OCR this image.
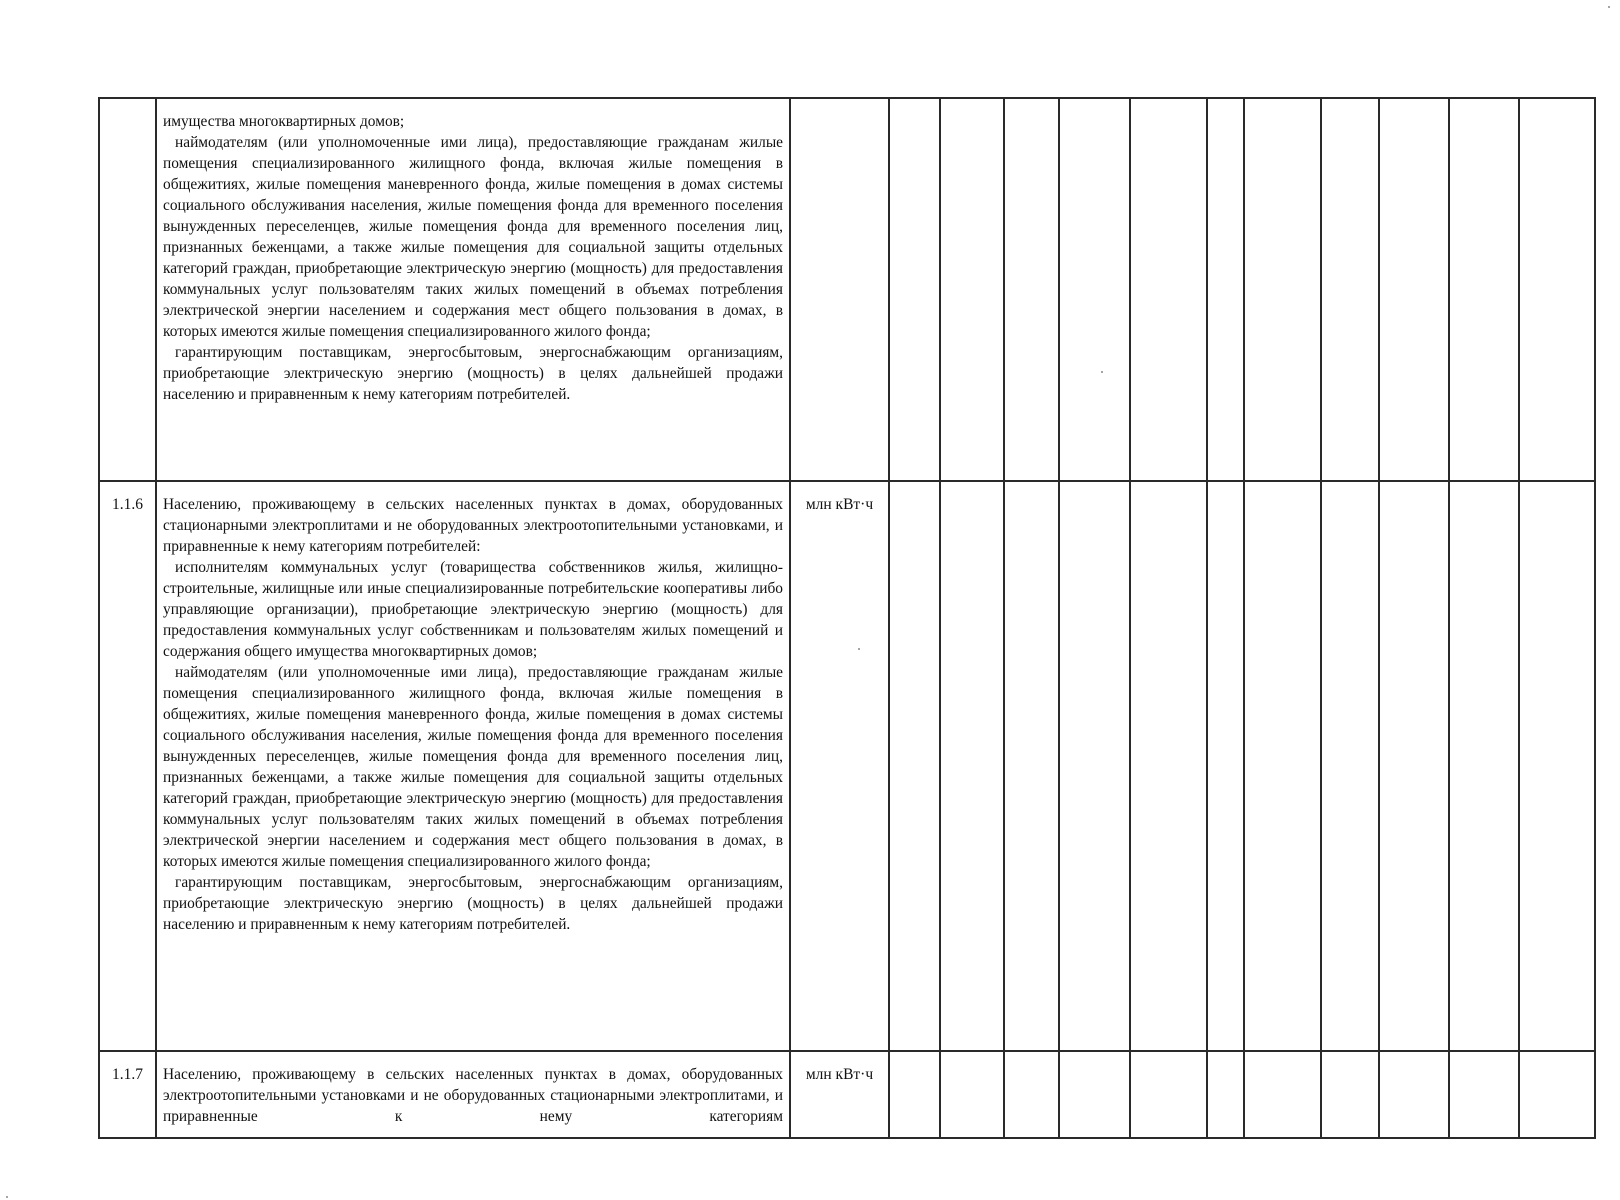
	имущества многоквартирных домов;

наймодателям (или уполномоченные ими лица), предоставляющие гражданам жилые помещения специализированного жилищного фонда, включая жилые помещения в общежитиях, жилые помещения маневренного фонда, жилые помещения в домах системы социального обслуживания населения, жилые помещения фонда для временного поселения вынужденных переселенцев, жилые помещения фонда для временного поселения лиц, признанных беженцами, а также жилые помещения для социальной защиты отдельных категорий граждан, приобретающие электрическую энергию (мощность) для предоставления коммунальных услуг пользователям таких жилых помещений в объемах потребления электрической энергии населением и содержания мест общего пользования в домах, в которых имеются жилые помещения специализированного жилого фонда;

гарантирующим поставщикам, энергосбытовым, энергоснабжающим организациям, приобретающие электрическую энергию (мощность) в целях дальнейшей продажи населению и приравненным к нему категориям потребителей.												

1.1.6	Населению, проживающему в сельских населенных пунктах в домах, оборудованных стационарными электроплитами и не оборудованных электроотопительными установками, и приравненные к нему категориям потребителей:

исполнителям коммунальных услуг (товарищества собственников жилья, жилищно-строительные, жилищные или иные специализированные потребительские кооперативы либо управляющие организации), приобретающие электрическую энергию (мощность) для предоставления коммунальных услуг собственникам и пользователям жилых помещений и содержания общего имущества многоквартирных домов;

наймодателям (или уполномоченные ими лица), предоставляющие гражданам жилые помещения специализированного жилищного фонда, включая жилые помещения в общежитиях, жилые помещения маневренного фонда, жилые помещения в домах системы социального обслуживания населения, жилые помещения фонда для временного поселения вынужденных переселенцев, жилые помещения фонда для временного поселения лиц, признанных беженцами, а также жилые помещения для социальной защиты отдельных категорий граждан, приобретающие электрическую энергию (мощность) для предоставления коммунальных услуг пользователям таких жилых помещений в объемах потребления электрической энергии населением и содержания мест общего пользования в домах, в которых имеются жилые помещения специализированного жилого фонда;

гарантирующим поставщикам, энергосбытовым, энергоснабжающим организациям, приобретающие электрическую энергию (мощность) в целях дальнейшей продажи населению и приравненным к нему категориям потребителей.	млн кВт·ч											
1.1.7	Населению, проживающему в сельских населенных пунктах в домах, оборудованных электроотопительными установками и не оборудованных стационарными электроплитами, и приравненные к нему категориям	млн кВт·ч											
